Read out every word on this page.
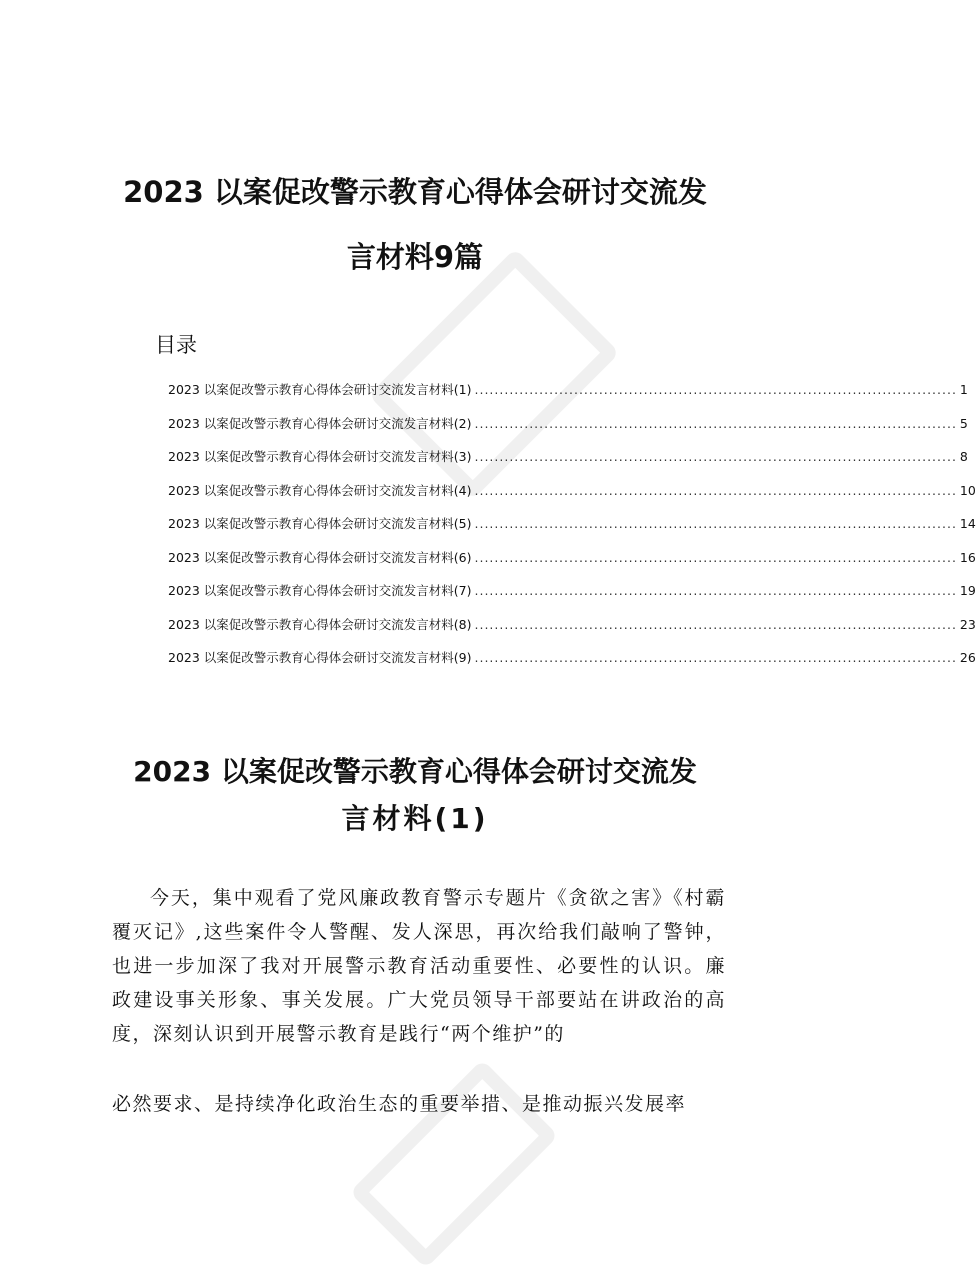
2023 以案促改警示教育心得体会研讨交流发
言材料9篇
目录
2023 以案促改警示教育心得体会研讨交流发言材料(1) ................................................................................................. 1
2023 以案促改警示教育心得体会研讨交流发言材料(2) ................................................................................................. 5
2023 以案促改警示教育心得体会研讨交流发言材料(3) ................................................................................................. 8
2023 以案促改警示教育心得体会研讨交流发言材料(4) ................................................................................................. 10
2023 以案促改警示教育心得体会研讨交流发言材料(5) ................................................................................................. 14
2023 以案促改警示教育心得体会研讨交流发言材料(6) ................................................................................................. 16
2023 以案促改警示教育心得体会研讨交流发言材料(7) ................................................................................................. 19
2023 以案促改警示教育心得体会研讨交流发言材料(8) ................................................................................................. 23
2023 以案促改警示教育心得体会研讨交流发言材料(9) ................................................................................................. 26
2023 以案促改警示教育心得体会研讨交流发
言材料(1)

今天，集中观看了党风廉政教育警示专题片《贪欲之害》《村霸覆灭记》,这些案件令人警醒、发人深思，再次给我们敲响了警钟，也进一步加深了我对开展警示教育活动重要性、必要性的认识。廉政建设事关形象、事关发展。广大党员领导干部要站在讲政治的高度，深刻认识到开展警示教育是践行“两个维护”的

必然要求、是持续净化政治生态的重要举措、是推动振兴发展率
